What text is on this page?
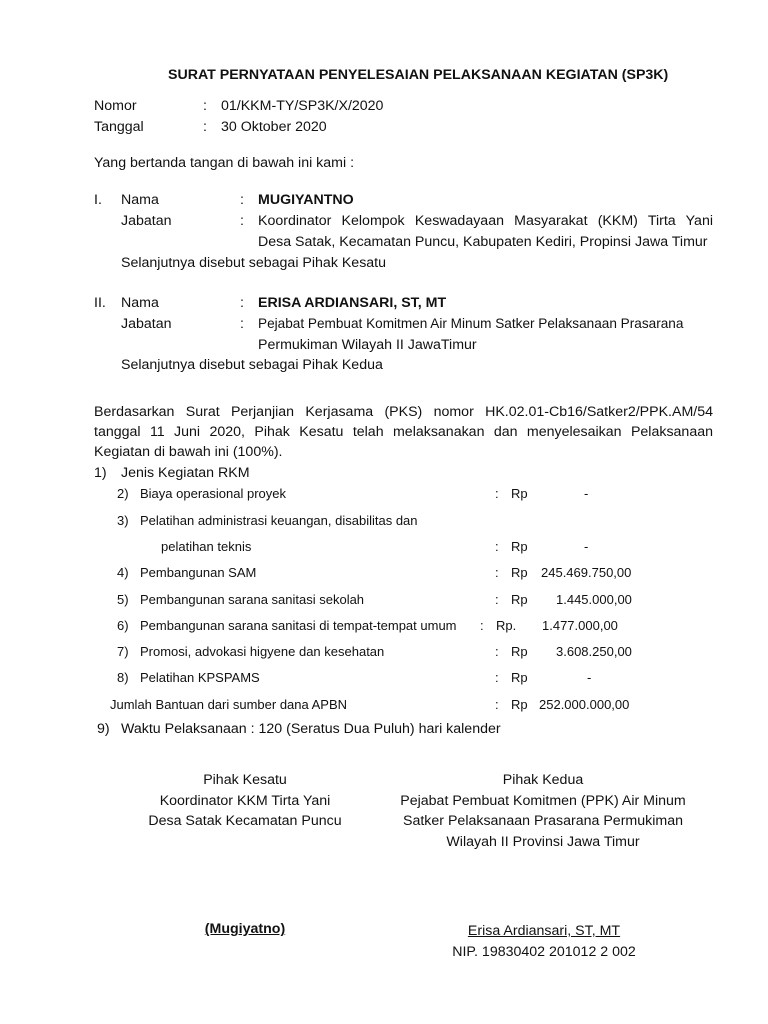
SURAT PERNYATAAN PENYELESAIAN PELAKSANAAN KEGIATAN (SP3K)
Nomor	: 01/KKM-TY/SP3K/X/2020
Tanggal	: 30 Oktober 2020
Yang bertanda tangan di bawah ini kami :
I. Nama	: MUGIYANTNO
Jabatan	: Koordinator Kelompok Keswadayaan Masyarakat (KKM) Tirta Yani
Desa Satak, Kecamatan Puncu, Kabupaten Kediri, Propinsi Jawa Timur
Selanjutnya disebut sebagai Pihak Kesatu
II. Nama	: ERISA ARDIANSARI, ST, MT
Jabatan	: Pejabat Pembuat Komitmen Air Minum Satker Pelaksanaan Prasarana
Permukiman Wilayah II JawaTimur
Selanjutnya disebut sebagai Pihak Kedua
Berdasarkan Surat Perjanjian Kerjasama (PKS) nomor HK.02.01-Cb16/Satker2/PPK.AM/54
tanggal 11 Juni 2020, Pihak Kesatu telah melaksanakan dan menyelesaikan Pelaksanaan
Kegiatan di bawah ini (100%).
1) Jenis Kegiatan RKM
2) Biaya operasional proyek	: Rp	-
3) Pelatihan administrasi keuangan, disabilitas dan
pelatihan teknis	: Rp	-
4) Pembangunan SAM	: Rp 245.469.750,00
5) Pembangunan sarana sanitasi sekolah	: Rp 1.445.000,00
6) Pembangunan sarana sanitasi di tempat-tempat umum : Rp. 1.477.000,00
7) Promosi, advokasi higyene dan kesehatan	: Rp 3.608.250,00
8) Pelatihan KPSPAMS	: Rp	-
Jumlah Bantuan dari sumber dana APBN	: Rp 252.000.000,00
9) Waktu Pelaksanaan : 120 (Seratus Dua Puluh) hari kalender
Pihak Kesatu
Koordinator KKM Tirta Yani
Desa Satak Kecamatan Puncu
(Mugiyatno)
Pihak Kedua
Pejabat Pembuat Komitmen (PPK) Air Minum
Satker Pelaksanaan Prasarana Permukiman
Wilayah II Provinsi Jawa Timur
Erisa Ardiansari, ST, MT
NIP. 19830402 201012 2 002
